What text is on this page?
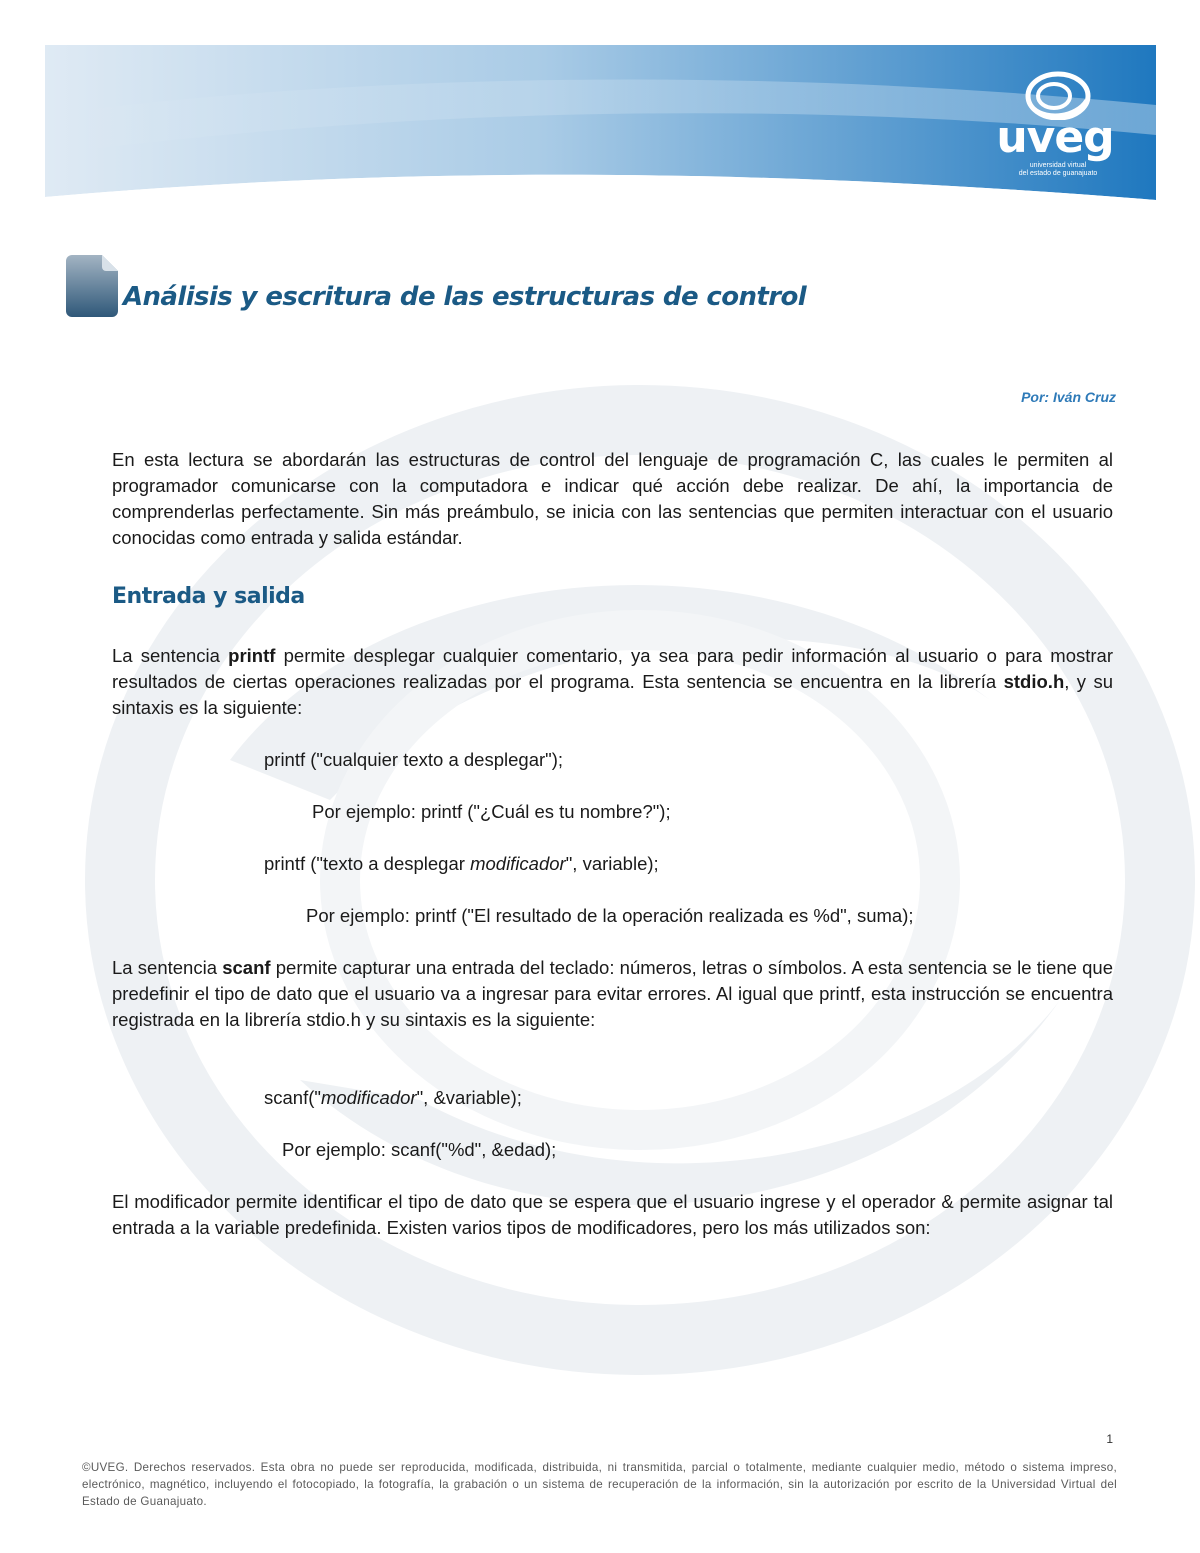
uveg
universidad virtual
del estado de guanajuato
Análisis y escritura de las estructuras de control
Por: Iván Cruz

En esta lectura se abordarán las estructuras de control del lenguaje de programación C, las cuales le permiten al programador comunicarse con la computadora e indicar qué acción debe realizar. De ahí, la importancia de comprenderlas perfectamente. Sin más preámbulo, se inicia con las sentencias que permiten interactuar con el usuario conocidas como entrada y salida estándar.

Entrada y salida

La sentencia printf permite desplegar cualquier comentario, ya sea para pedir información al usuario o para mostrar resultados de ciertas operaciones realizadas por el programa. Esta sentencia se encuentra en la librería stdio.h, y su sintaxis es la siguiente:

printf ("cualquier texto a desplegar");
Por ejemplo: printf ("¿Cuál es tu nombre?");
printf ("texto a desplegar modificador", variable);
Por ejemplo: printf ("El resultado de la operación realizada es %d", suma);

La sentencia scanf permite capturar una entrada del teclado: números, letras o símbolos. A esta sentencia se le tiene que predefinir el tipo de dato que el usuario va a ingresar para evitar errores. Al igual que printf, esta instrucción se encuentra registrada en la librería stdio.h y su sintaxis es la siguiente:

scanf("modificador", &variable);
Por ejemplo: scanf("%d", &edad);

El modificador permite identificar el tipo de dato que se espera que el usuario ingrese y el operador & permite asignar tal entrada a la variable predefinida. Existen varios tipos de modificadores, pero los más utilizados son:

1

©UVEG. Derechos reservados. Esta obra no puede ser reproducida, modificada, distribuida, ni transmitida, parcial o totalmente, mediante cualquier medio, método o sistema impreso, electrónico, magnético, incluyendo el fotocopiado, la fotografía, la grabación o un sistema de recuperación de la información, sin la autorización por escrito de la Universidad Virtual del Estado de Guanajuato.
